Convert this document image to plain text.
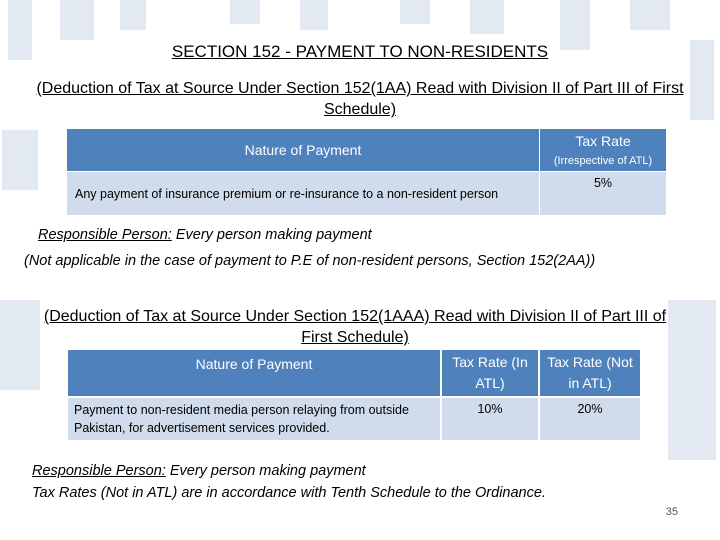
SECTION 152 - PAYMENT TO NON-RESIDENTS
(Deduction of Tax at Source Under Section 152(1AA) Read with Division II of Part III of First Schedule)
Nature of Payment	Tax Rate
(Irrespective of ATL)

Any payment of insurance premium or re-insurance to a non-resident person	5%
Responsible Person: Every person making payment
(Not applicable in the case of payment to P.E of non-resident persons, Section 152(2AA))
(Deduction of Tax at Source Under Section 152(1AAA) Read with Division II of Part III of First Schedule)
Nature of Payment	Tax Rate (In ATL)	Tax Rate (Not in ATL)
Payment to non-resident media person relaying from outside Pakistan, for advertisement services provided.	10%	20%
Responsible Person: Every person making payment
Tax Rates (Not in ATL) are in accordance with Tenth Schedule to the Ordinance.
35
